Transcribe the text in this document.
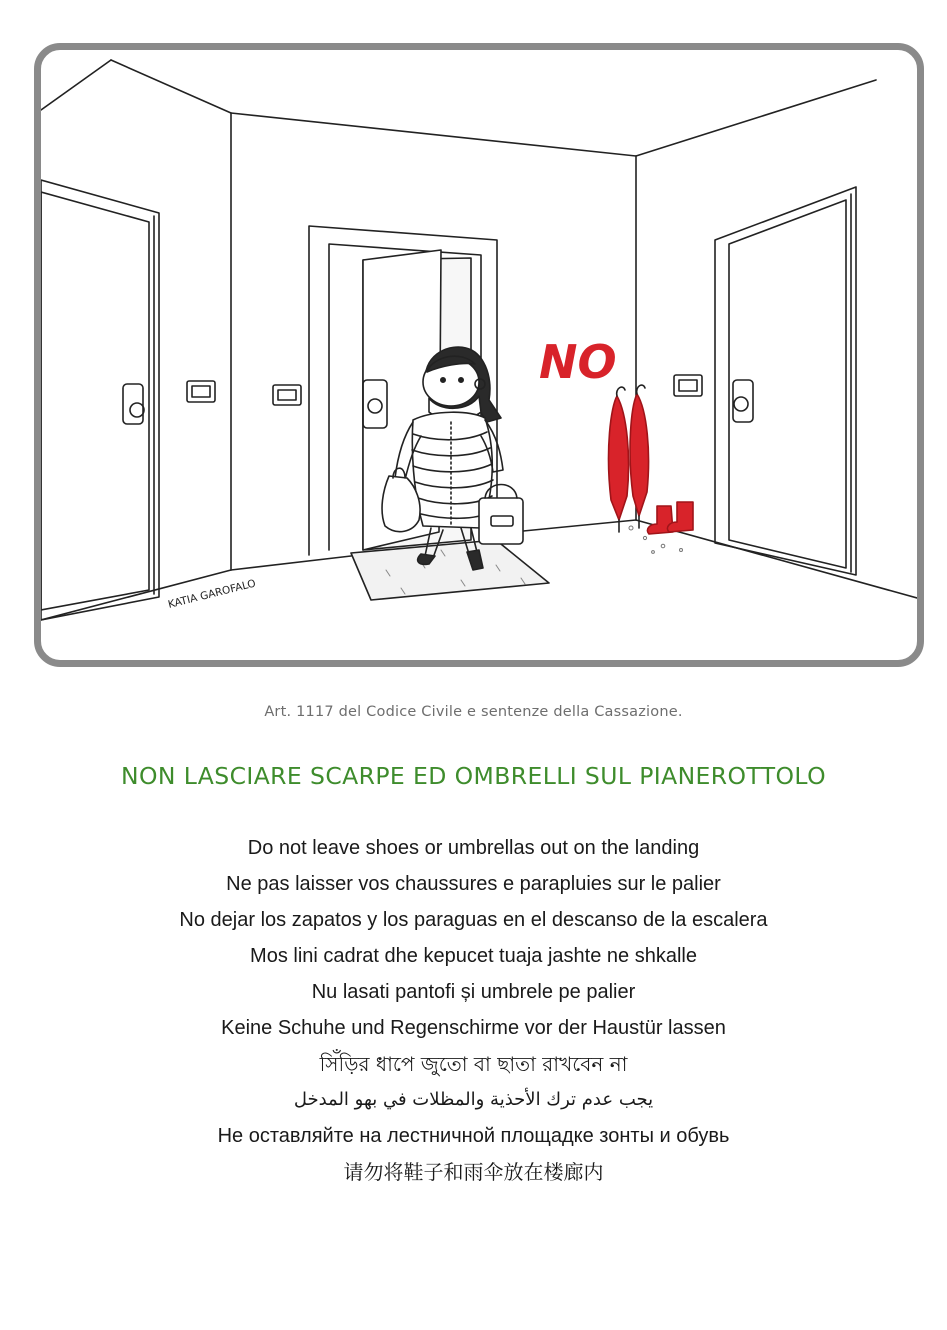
NO
KATIA GAROFALO
Art. 1117 del Codice Civile e sentenze della Cassazione.
NON LASCIARE SCARPE ED OMBRELLI SUL PIANEROTTOLO
Do not leave shoes or umbrellas out on the landing
Ne pas laisser vos chaussures e parapluies sur le palier
No dejar los zapatos y los paraguas en el descanso de la escalera
Mos lini cadrat dhe kepucet tuaja jashte ne shkalle
Nu lasati pantofi și umbrele pe palier
Keine Schuhe und Regenschirme vor der Haustür lassen
সিঁড়ির ধাপে জুতো বা ছাতা রাখবেন না
يجب عدم ترك الأحذية والمظلات في بهو المدخل
Не оставляйте на лестничной площадке зонты и обувь
请勿将鞋子和雨伞放在楼廊内
